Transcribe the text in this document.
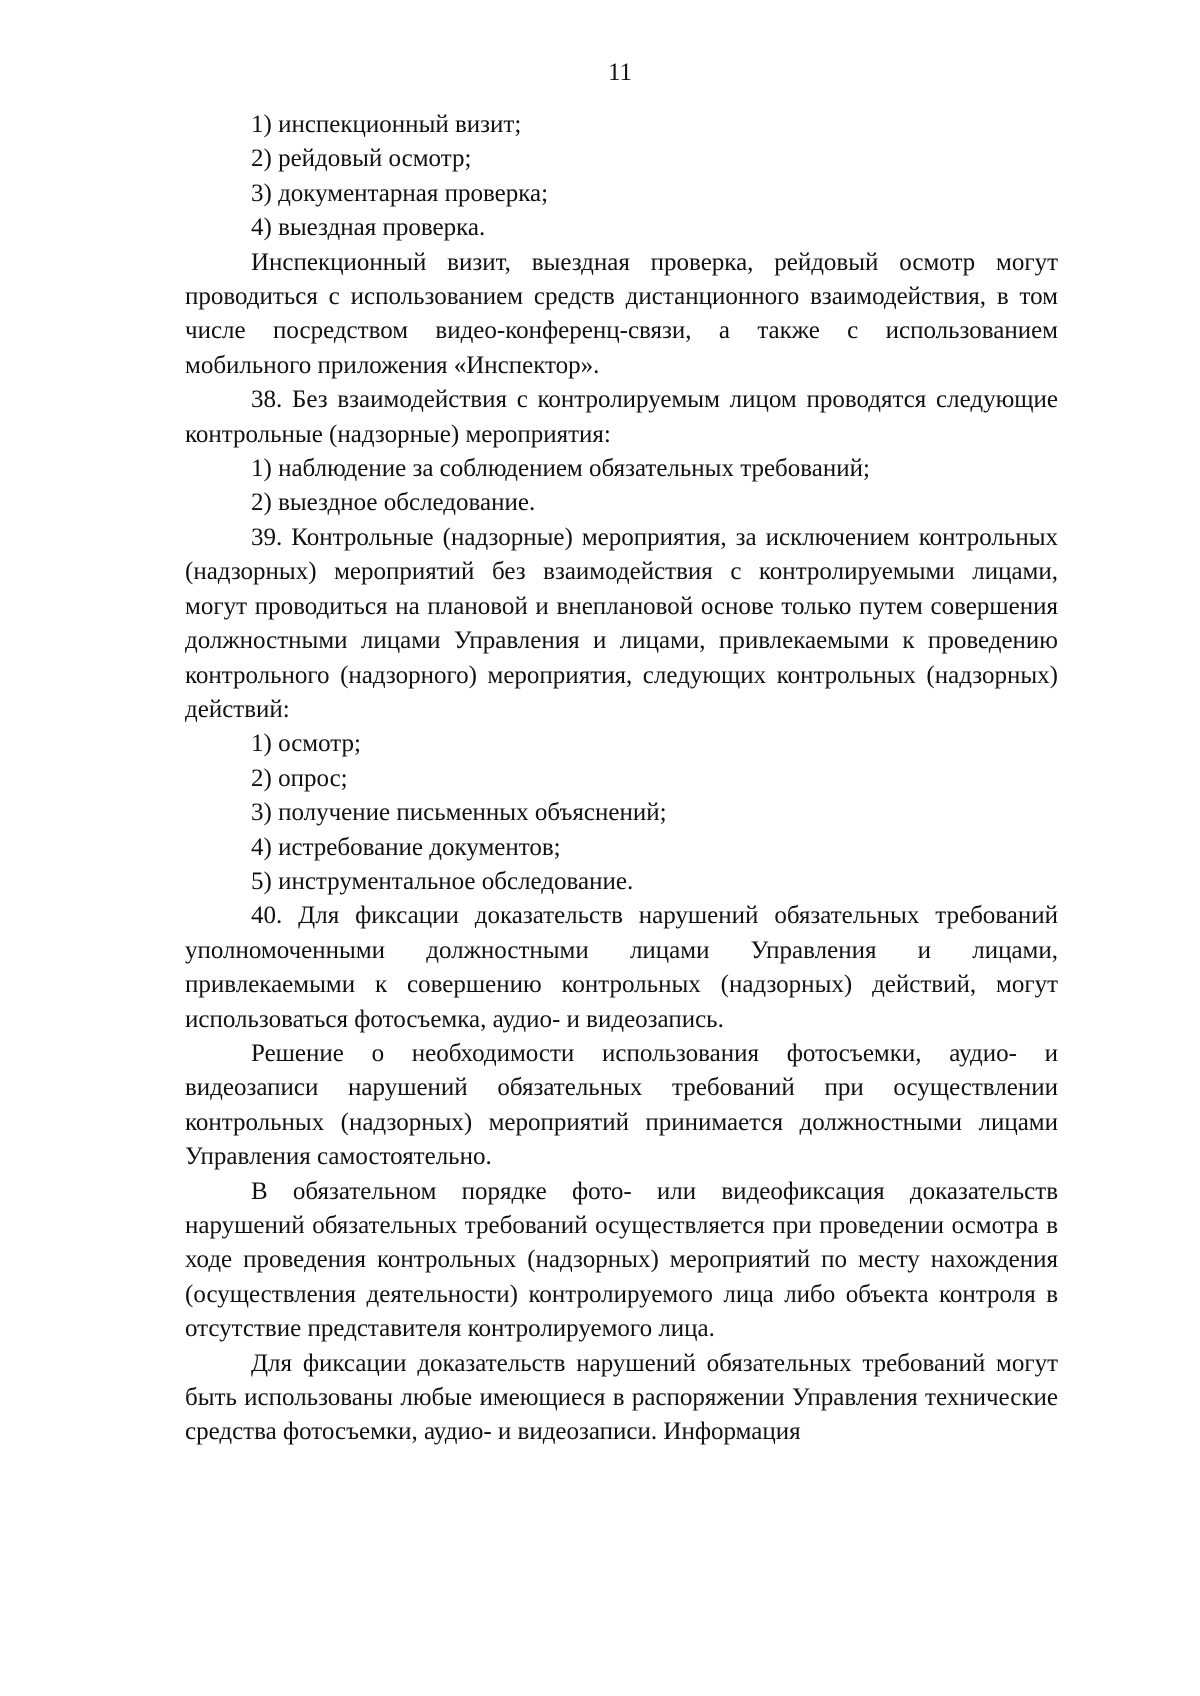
11

1) инспекционный визит;

2) рейдовый осмотр;

3) документарная проверка;

4) выездная проверка.

Инспекционный визит, выездная проверка, рейдовый осмотр могут проводиться с использованием средств дистанционного взаимодействия, в том числе посредством видео-конференц-связи, а также с использованием мобильного приложения «Инспектор».

38. Без взаимодействия с контролируемым лицом проводятся следующие контрольные (надзорные) мероприятия:

1) наблюдение за соблюдением обязательных требований;

2) выездное обследование.

39. Контрольные (надзорные) мероприятия, за исключением контрольных (надзорных) мероприятий без взаимодействия с контролируемыми лицами, могут проводиться на плановой и внеплановой основе только путем совершения должностными лицами Управления и лицами, привлекаемыми к проведению контрольного (надзорного) мероприятия, следующих контрольных (надзорных) действий:

1) осмотр;

2) опрос;

3) получение письменных объяснений;

4) истребование документов;

5) инструментальное обследование.

40. Для фиксации доказательств нарушений обязательных требований уполномоченными должностными лицами Управления и лицами, привлекаемыми к совершению контрольных (надзорных) действий, могут использоваться фотосъемка, аудио- и видеозапись.

Решение о необходимости использования фотосъемки, аудио- и видеозаписи нарушений обязательных требований при осуществлении контрольных (надзорных) мероприятий принимается должностными лицами Управления самостоятельно.

В обязательном порядке фото- или видеофиксация доказательств нарушений обязательных требований осуществляется при проведении осмотра в ходе проведения контрольных (надзорных) мероприятий по месту нахождения (осуществления деятельности) контролируемого лица либо объекта контроля в отсутствие представителя контролируемого лица.

Для фиксации доказательств нарушений обязательных требований могут быть использованы любые имеющиеся в распоряжении Управления технические средства фотосъемки, аудио- и видеозаписи. Информация
